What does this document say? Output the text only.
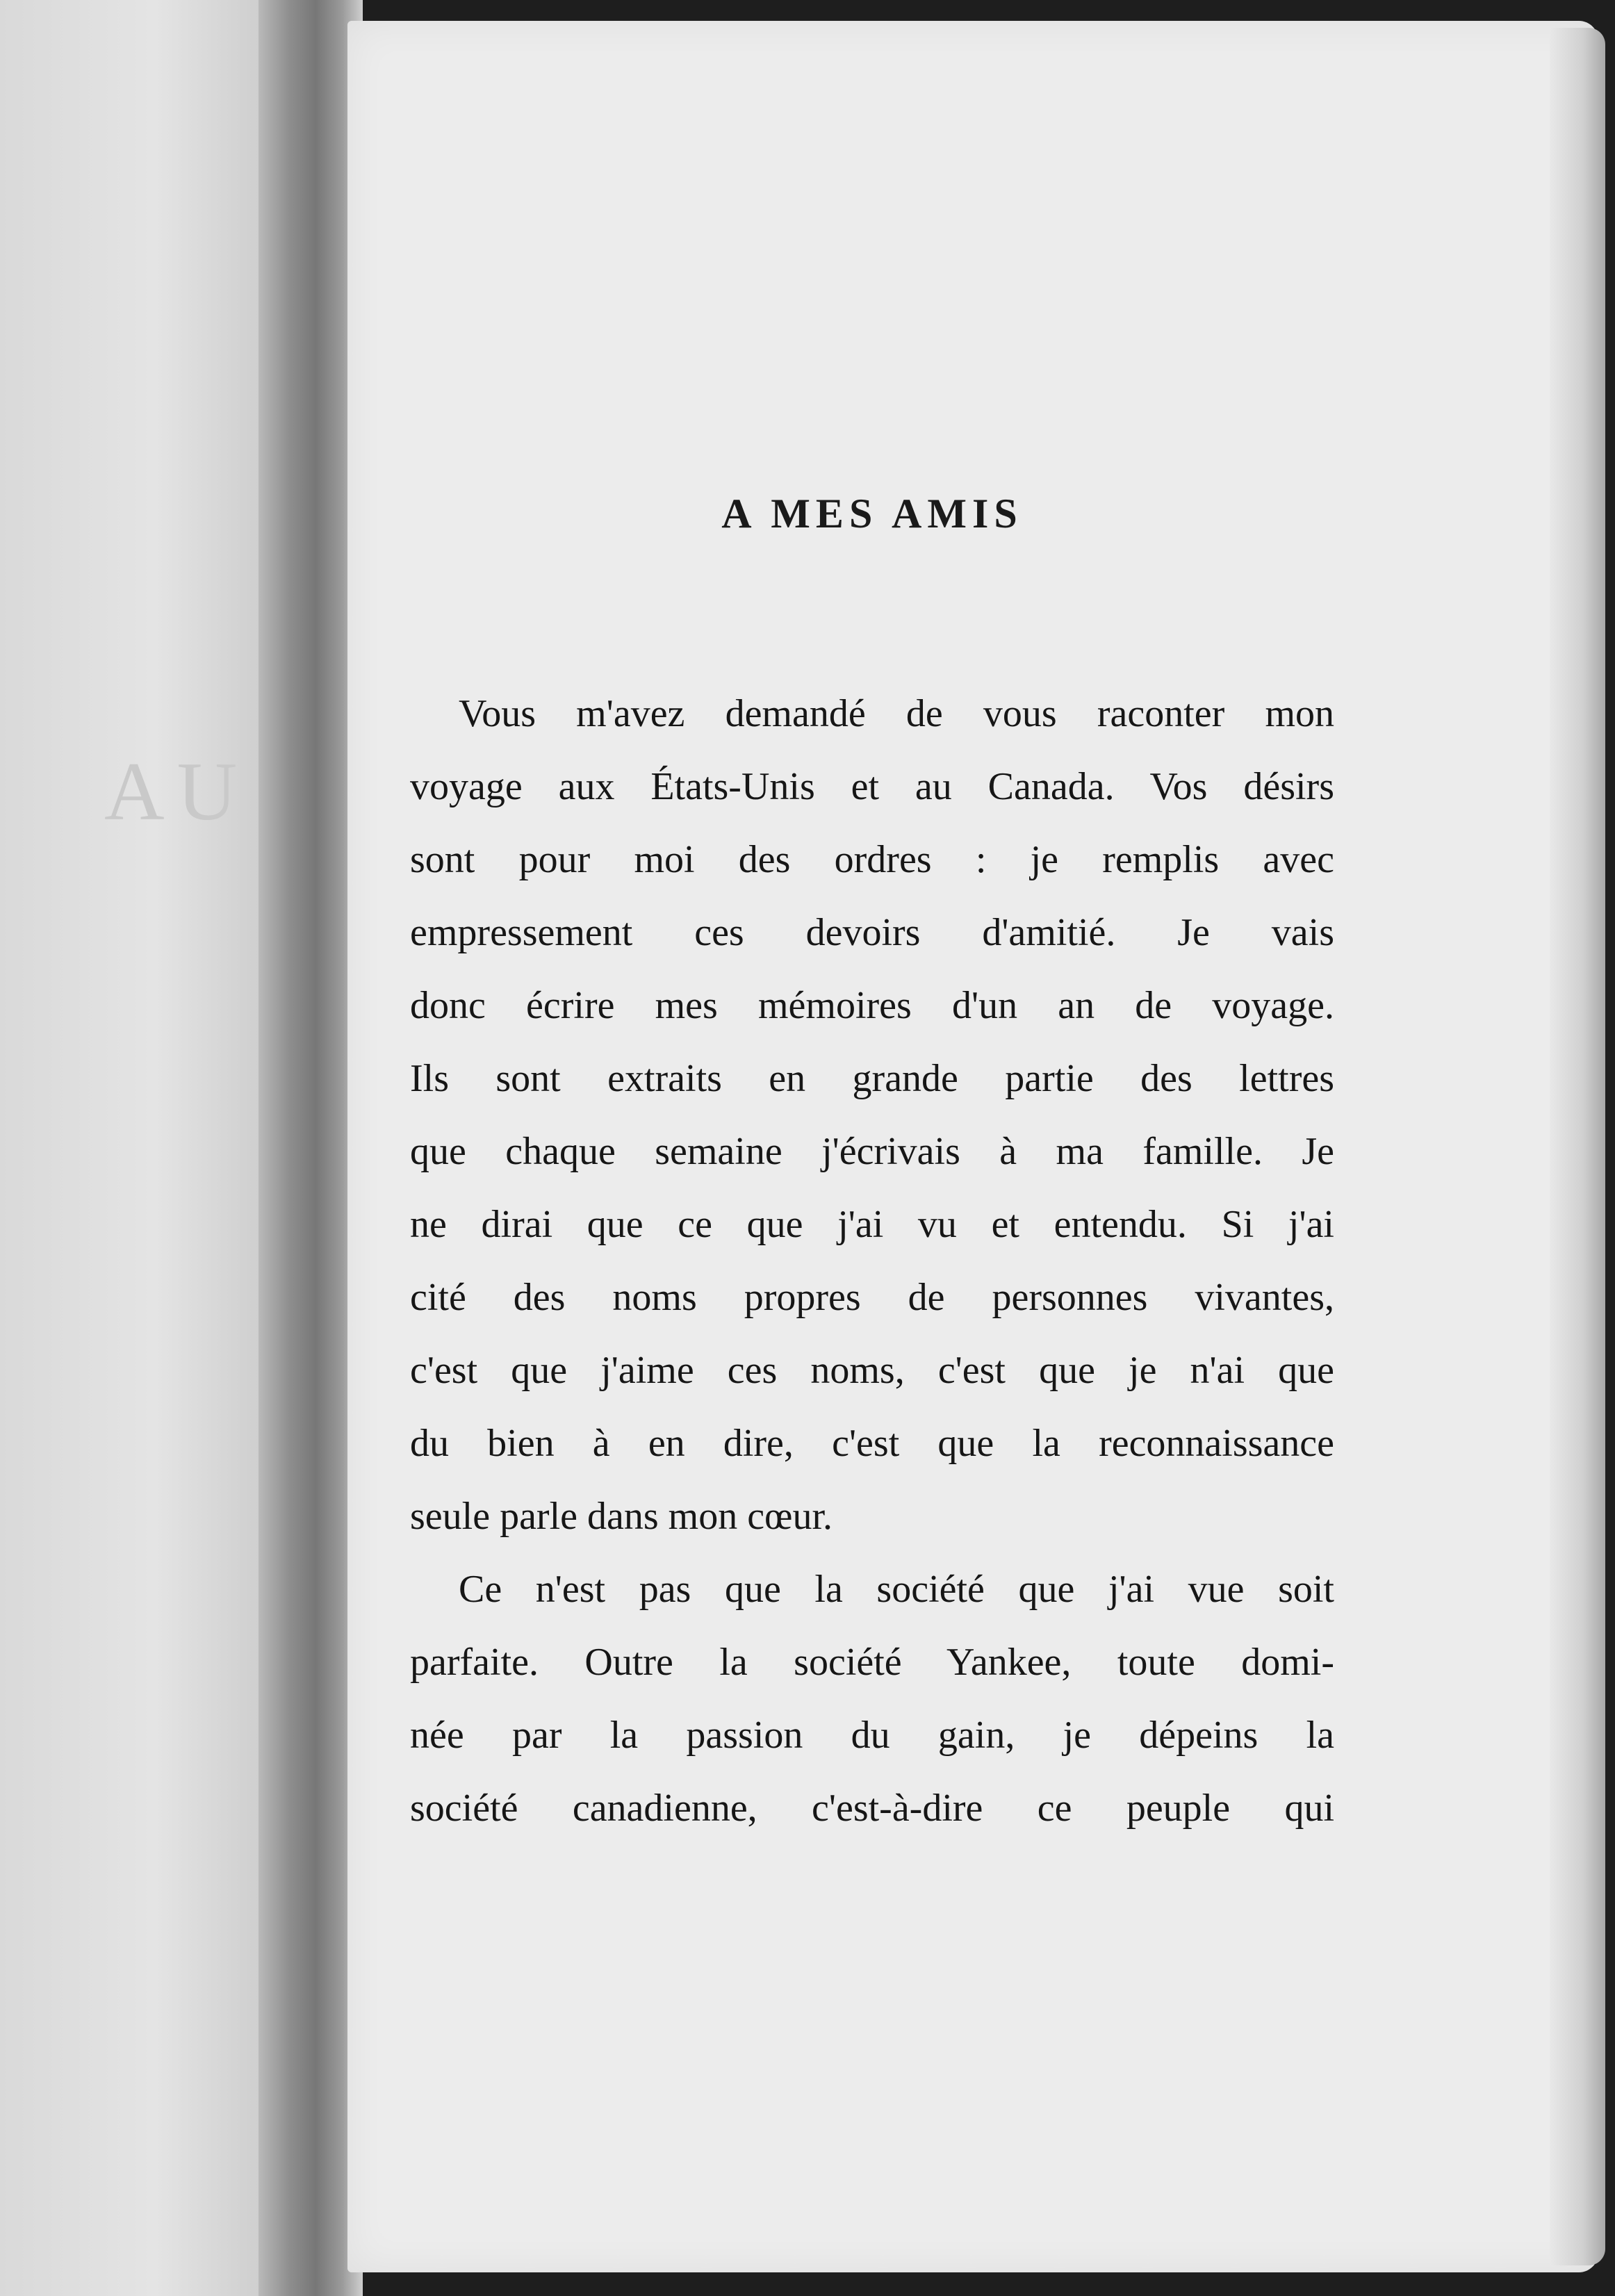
AU
A MES AMIS

Vous m'avez demandé de vous raconter mon
voyage aux États-Unis et au Canada. Vos désirs
sont pour moi des ordres : je remplis avec
empressement ces devoirs d'amitié. Je vais
donc écrire mes mémoires d'un an de voyage.
Ils sont extraits en grande partie des lettres
que chaque semaine j'écrivais à ma famille. Je
ne dirai que ce que j'ai vu et entendu. Si j'ai
cité des noms propres de personnes vivantes,
c'est que j'aime ces noms, c'est que je n'ai que
du bien à en dire, c'est que la reconnaissance
seule parle dans mon cœur.

Ce n'est pas que la société que j'ai vue soit
parfaite. Outre la société Yankee, toute domi-
née par la passion du gain, je dépeins la
société canadienne, c'est-à-dire ce peuple qui
